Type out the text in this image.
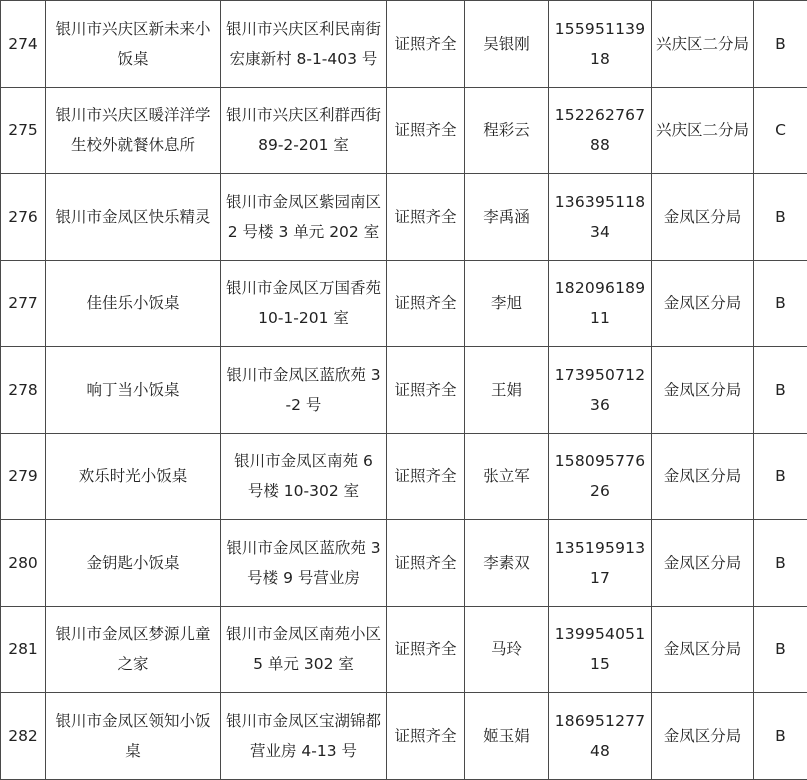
274	银川市兴庆区新未来小饭桌	银川市兴庆区利民南街宏康新村 8-1-403 号	证照齐全	吴银刚	15595113918	兴庆区二分局	B
275	银川市兴庆区暖洋洋学生校外就餐休息所	银川市兴庆区利群西街 89-2-201 室	证照齐全	程彩云	15226276788	兴庆区二分局	C
276	银川市金凤区快乐精灵	银川市金凤区紫园南区 2 号楼 3 单元 202 室	证照齐全	李禹涵	13639511834	金凤区分局	B
277	佳佳乐小饭桌	银川市金凤区万国香苑 10-1-201 室	证照齐全	李旭	18209618911	金凤区分局	B
278	响丁当小饭桌	银川市金凤区蓝欣苑 3-2 号	证照齐全	王娟	17395071236	金凤区分局	B
279	欢乐时光小饭桌	银川市金凤区南苑 6 号楼 10-302 室	证照齐全	张立军	15809577626	金凤区分局	B
280	金钥匙小饭桌	银川市金凤区蓝欣苑 3 号楼 9 号营业房	证照齐全	李素双	13519591317	金凤区分局	B
281	银川市金凤区梦源儿童之家	银川市金凤区南苑小区 5 单元 302 室	证照齐全	马玲	13995405115	金凤区分局	B
282	银川市金凤区领知小饭桌	银川市金凤区宝湖锦都营业房 4-13 号	证照齐全	姬玉娟	18695127748	金凤区分局	B
